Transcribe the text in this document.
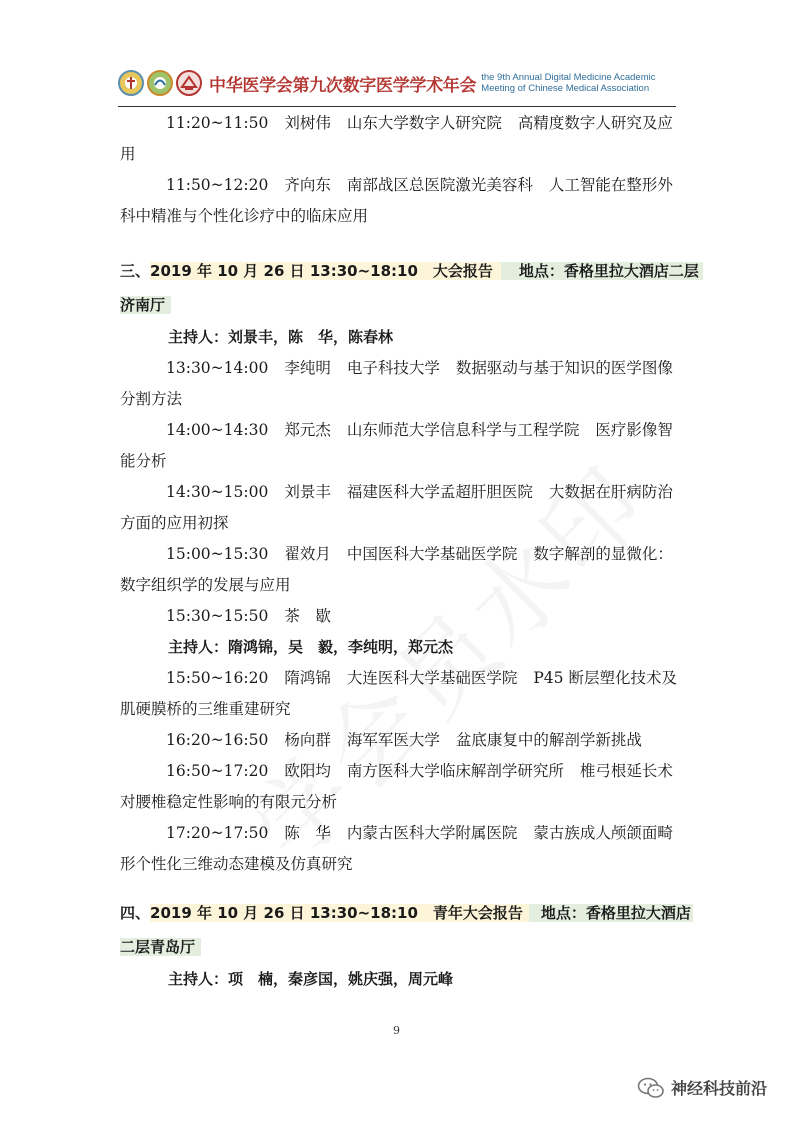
中华医学会第九次数字医学学术年会 the 9th Annual Digital Medicine Academic
Meeting of Chinese Medical Association
11:20~11:50 刘树伟 山东大学数字人研究院 高精度数字人研究及应
用
11:50~12:20 齐向东 南部战区总医院激光美容科 人工智能在整形外
科中精准与个性化诊疗中的临床应用
三、2019 年 10 月 26 日 13:30~18:10　大会报告 地点：香格里拉大酒店二层
济南厅
主持人：刘景丰，陈　华，陈春林
13:30~14:00 李纯明 电子科技大学 数据驱动与基于知识的医学图像
分割方法
14:00~14:30 郑元杰 山东师范大学信息科学与工程学院 医疗影像智
能分析
14:30~15:00 刘景丰 福建医科大学孟超肝胆医院 大数据在肝病防治
方面的应用初探
15:00~15:30 翟效月 中国医科大学基础医学院 数字解剖的显微化：
数字组织学的发展与应用
15:30~15:50 茶　歇
主持人：隋鸿锦，吴　毅，李纯明，郑元杰
15:50~16:20 隋鸿锦 大连医科大学基础医学院 P45 断层塑化技术及
肌硬膜桥的三维重建研究
16:20~16:50 杨向群 海军军医大学 盆底康复中的解剖学新挑战
16:50~17:20 欧阳均 南方医科大学临床解剖学研究所 椎弓根延长术
对腰椎稳定性影响的有限元分析
17:20~17:50 陈　华 内蒙古医科大学附属医院 蒙古族成人颅颌面畸
形个性化三维动态建模及仿真研究
四、2019 年 10 月 26 日 13:30~18:10　青年大会报告 地点：香格里拉大酒店
二层青岛厅
主持人：项　楠，秦彦国，姚庆强，周元峰
9
神经科技前沿
